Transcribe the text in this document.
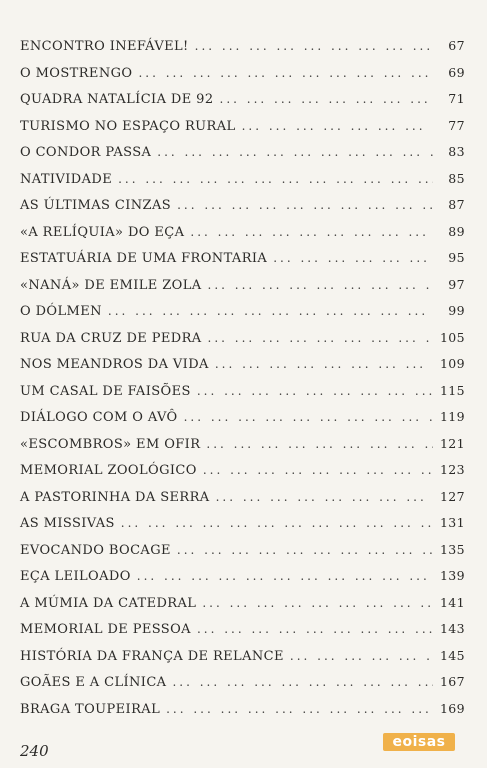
ENCONTRO INEFÁVEL! ... .	67
O MOSTRENGO ... .	69
QUADRA NATALÍCIA DE 92 ... .	71
TURISMO NO ESPAÇO RURAL ... .	77
O CONDOR PASSA ... .	83
NATIVIDADE ... .	85
AS ÚLTIMAS CINZAS ... .	87
«A RELÍQUIA» DO EÇA ... .	89
ESTATUÁRIA DE UMA FRONTARIA ... .	95
«NANÁ» DE EMILE ZOLA ... .	97
O DÓLMEN ... .	99
RUA DA CRUZ DE PEDRA ... .	105
NOS MEANDROS DA VIDA ... .	109
UM CASAL DE FAISÕES ... .	115
DIÁLOGO COM O AVÔ ... .	119
«ESCOMBROS» EM OFIR ... .	121
MEMORIAL ZOOLÓGICO ... .	123
A PASTORINHA DA SERRA ... .	127
AS MISSIVAS ... .	131
EVOCANDO BOCAGE ... .	135
EÇA LEILOADO ... .	139
A MÚMIA DA CATEDRAL ... .	141
MEMORIAL DE PESSOA ... .	143
HISTÓRIA DA FRANÇA DE RELANCE ... .	145
GOÃES E A CLÍNICA ... .	167
BRAGA TOUPEIRAL ... .	169
240	eoisas
